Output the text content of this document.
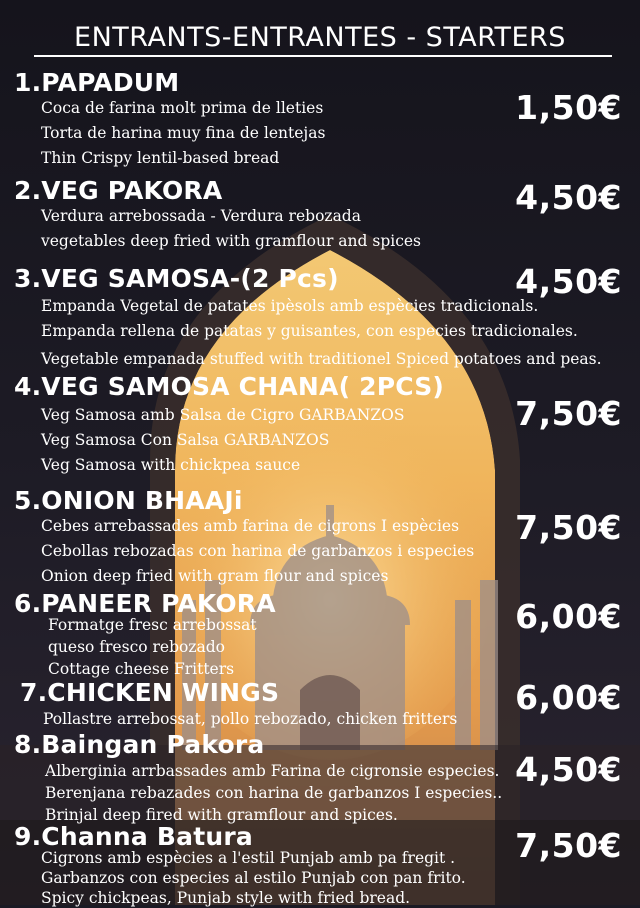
ENTRANTS-ENTRANTES - STARTERS
1.PAPADUM
Coca de farina molt prima de lleties
Torta de harina muy fina de lentejas
Thin Crispy lentil-based bread
1,50€
2.VEG PAKORA
Verdura arrebossada - Verdura rebozada
vegetables deep fried with gramflour and spices
4,50€
3.VEG SAMOSA-(2 Pcs)
Empanda Vegetal de patates ipèsols amb espècies tradicionals.
Empanda rellena de patatas y guisantes, con especies tradicionales.
Vegetable empanada stuffed with traditionel Spiced potatoes and peas.
4,50€
4.VEG SAMOSA CHANA( 2PCS)
Veg Samosa amb Salsa de Cigro GARBANZOS
Veg Samosa Con Salsa GARBANZOS
Veg Samosa with chickpea sauce
7,50€
5.ONION BHAAJi
Cebes arrebassades amb farina de cigrons I espècies
Cebollas rebozadas con harina de garbanzos i especies
Onion deep fried with gram flour and spices
7,50€
6.PANEER PAKORA
Formatge fresc arrebossat
queso fresco rebozado
Cottage cheese Fritters
6,00€
7.CHICKEN WINGS
Pollastre arrebossat, pollo rebozado, chicken fritters
6,00€
8.Baingan Pakora
Alberginia arrbassades amb Farina de cigronsie especies.
Berenjana rebazades con harina de garbanzos I especies..
Brinjal deep fired with gramflour and spices.
4,50€
9.Channa Batura
Cigrons amb espècies a l'estil Punjab amb pa fregit .
Garbanzos con especies al estilo Punjab con pan frito.
Spicy chickpeas, Punjab style with fried bread.
7,50€
